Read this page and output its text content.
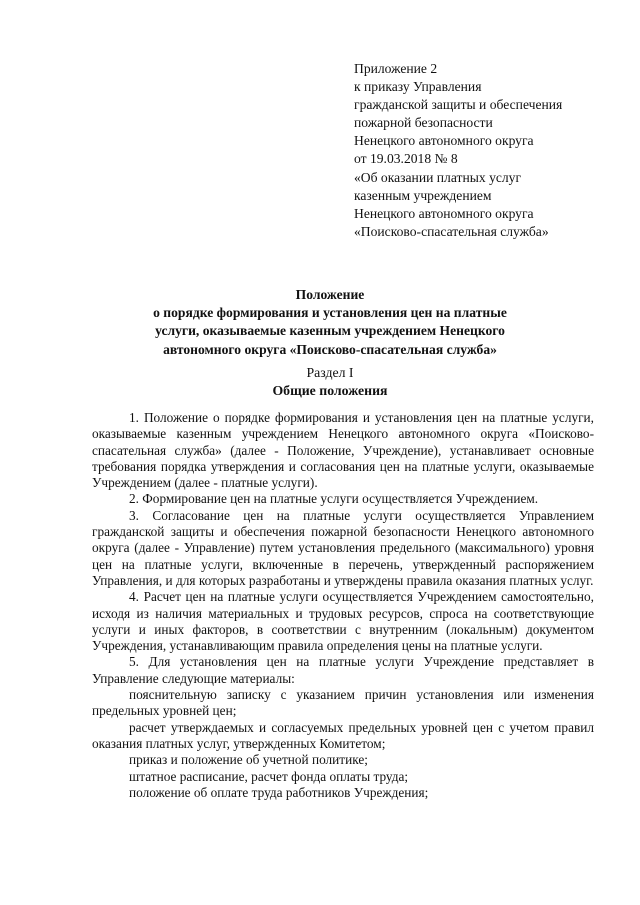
Приложение 2
к приказу Управления
гражданской защиты и обеспечения
пожарной безопасности
Ненецкого автономного округа
от 19.03.2018 № 8
«Об оказании платных услуг
казенным учреждением
Ненецкого автономного округа
«Поисково-спасательная служба»
Положение
о порядке формирования и установления цен на платные
услуги, оказываемые казенным учреждением Ненецкого
автономного округа «Поисково-спасательная служба»
Раздел I
Общие положения

1. Положение о порядке формирования и установления цен на платные услуги, оказываемые казенным учреждением Ненецкого автономного округа «Поисково-спасательная служба» (далее - Положение, Учреждение), устанавливает основные требования порядка утверждения и согласования цен на платные услуги, оказываемые Учреждением (далее - платные услуги).

2. Формирование цен на платные услуги осуществляется Учреждением.

3. Согласование цен на платные услуги осуществляется Управлением гражданской защиты и обеспечения пожарной безопасности Ненецкого автономного округа (далее - Управление) путем установления предельного (максимального) уровня цен на платные услуги, включенные в перечень, утвержденный распоряжением Управления, и для которых разработаны и утверждены правила оказания платных услуг.

4. Расчет цен на платные услуги осуществляется Учреждением самостоятельно, исходя из наличия материальных и трудовых ресурсов, спроса на соответствующие услуги и иных факторов, в соответствии с внутренним (локальным) документом Учреждения, устанавливающим правила определения цены на платные услуги.

5. Для установления цен на платные услуги Учреждение представляет в Управление следующие материалы:

пояснительную записку с указанием причин установления или изменения предельных уровней цен;

расчет утверждаемых и согласуемых предельных уровней цен с учетом правил оказания платных услуг, утвержденных Комитетом;

приказ и положение об учетной политике;

штатное расписание, расчет фонда оплаты труда;

положение об оплате труда работников Учреждения;
